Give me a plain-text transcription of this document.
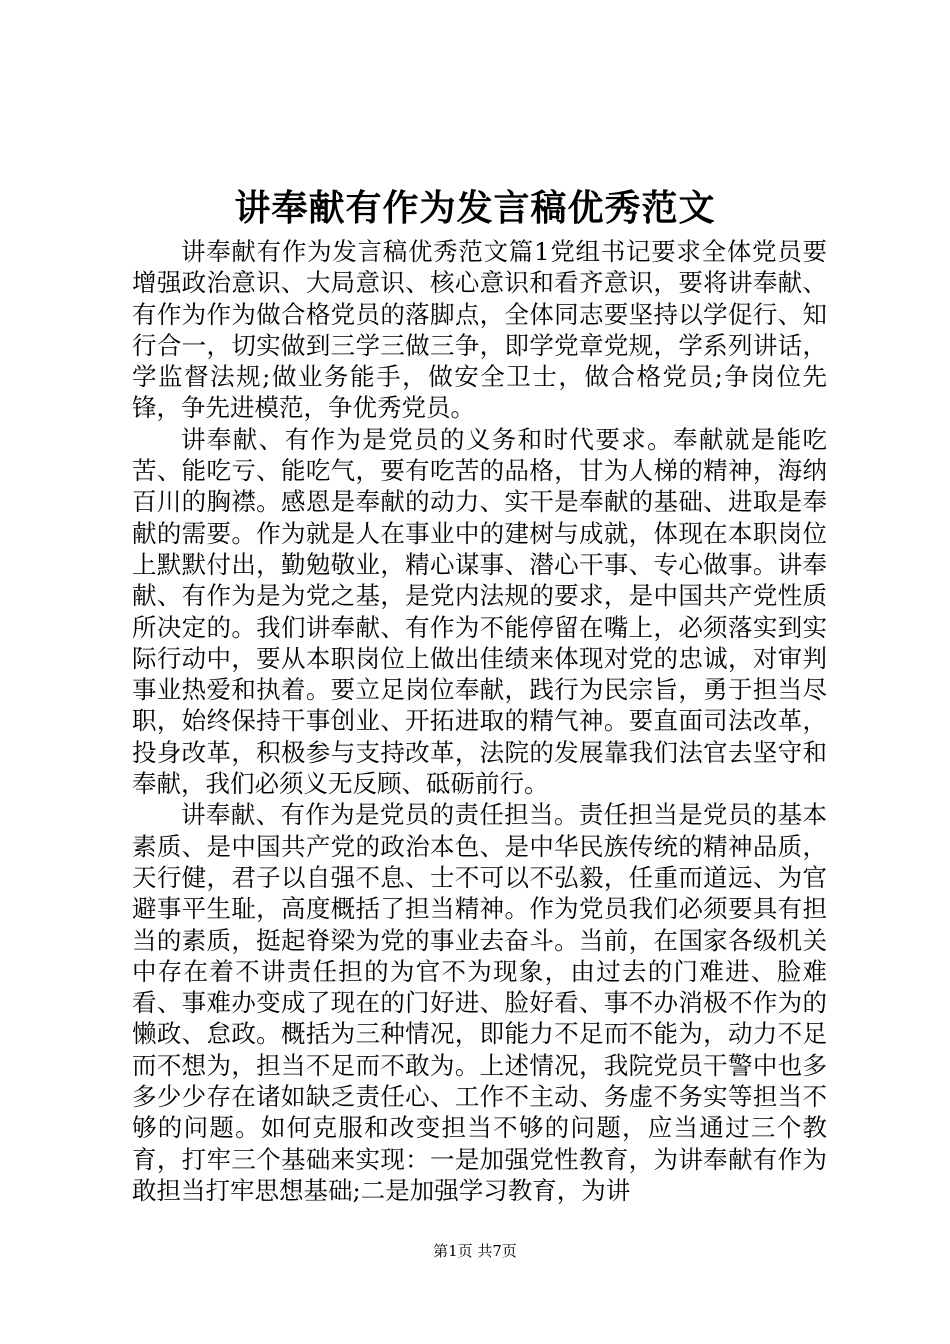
讲奉献有作为发言稿优秀范文

讲奉献有作为发言稿优秀范文篇1党组书记要求全体党员要增强政治意识、大局意识、核心意识和看齐意识，要将讲奉献、有作为作为做合格党员的落脚点，全体同志要坚持以学促行、知行合一，切实做到三学三做三争，即学党章党规，学系列讲话，学监督法规;做业务能手，做安全卫士，做合格党员;争岗位先锋，争先进模范，争优秀党员。

讲奉献、有作为是党员的义务和时代要求。奉献就是能吃苦、能吃亏、能吃气，要有吃苦的品格，甘为人梯的精神，海纳百川的胸襟。感恩是奉献的动力、实干是奉献的基础、进取是奉献的需要。作为就是人在事业中的建树与成就，体现在本职岗位上默默付出，勤勉敬业，精心谋事、潜心干事、专心做事。讲奉献、有作为是为党之基，是党内法规的要求，是中国共产党性质所决定的。我们讲奉献、有作为不能停留在嘴上，必须落实到实际行动中，要从本职岗位上做出佳绩来体现对党的忠诚，对审判事业热爱和执着。要立足岗位奉献，践行为民宗旨，勇于担当尽职，始终保持干事创业、开拓进取的精气神。要直面司法改革，投身改革，积极参与支持改革，法院的发展靠我们法官去坚守和奉献，我们必须义无反顾、砥砺前行。

讲奉献、有作为是党员的责任担当。责任担当是党员的基本素质、是中国共产党的政治本色、是中华民族传统的精神品质，天行健，君子以自强不息、士不可以不弘毅，任重而道远、为官避事平生耻，高度概括了担当精神。作为党员我们必须要具有担当的素质，挺起脊梁为党的事业去奋斗。当前，在国家各级机关中存在着不讲责任担的为官不为现象，由过去的门难进、脸难看、事难办变成了现在的门好进、脸好看、事不办消极不作为的懒政、怠政。概括为三种情况，即能力不足而不能为，动力不足而不想为，担当不足而不敢为。上述情况，我院党员干警中也多多少少存在诸如缺乏责任心、工作不主动、务虚不务实等担当不够的问题。如何克服和改变担当不够的问题，应当通过三个教育，打牢三个基础来实现：一是加强党性教育，为讲奉献有作为敢担当打牢思想基础;二是加强学习教育，为讲

第1页 共7页
